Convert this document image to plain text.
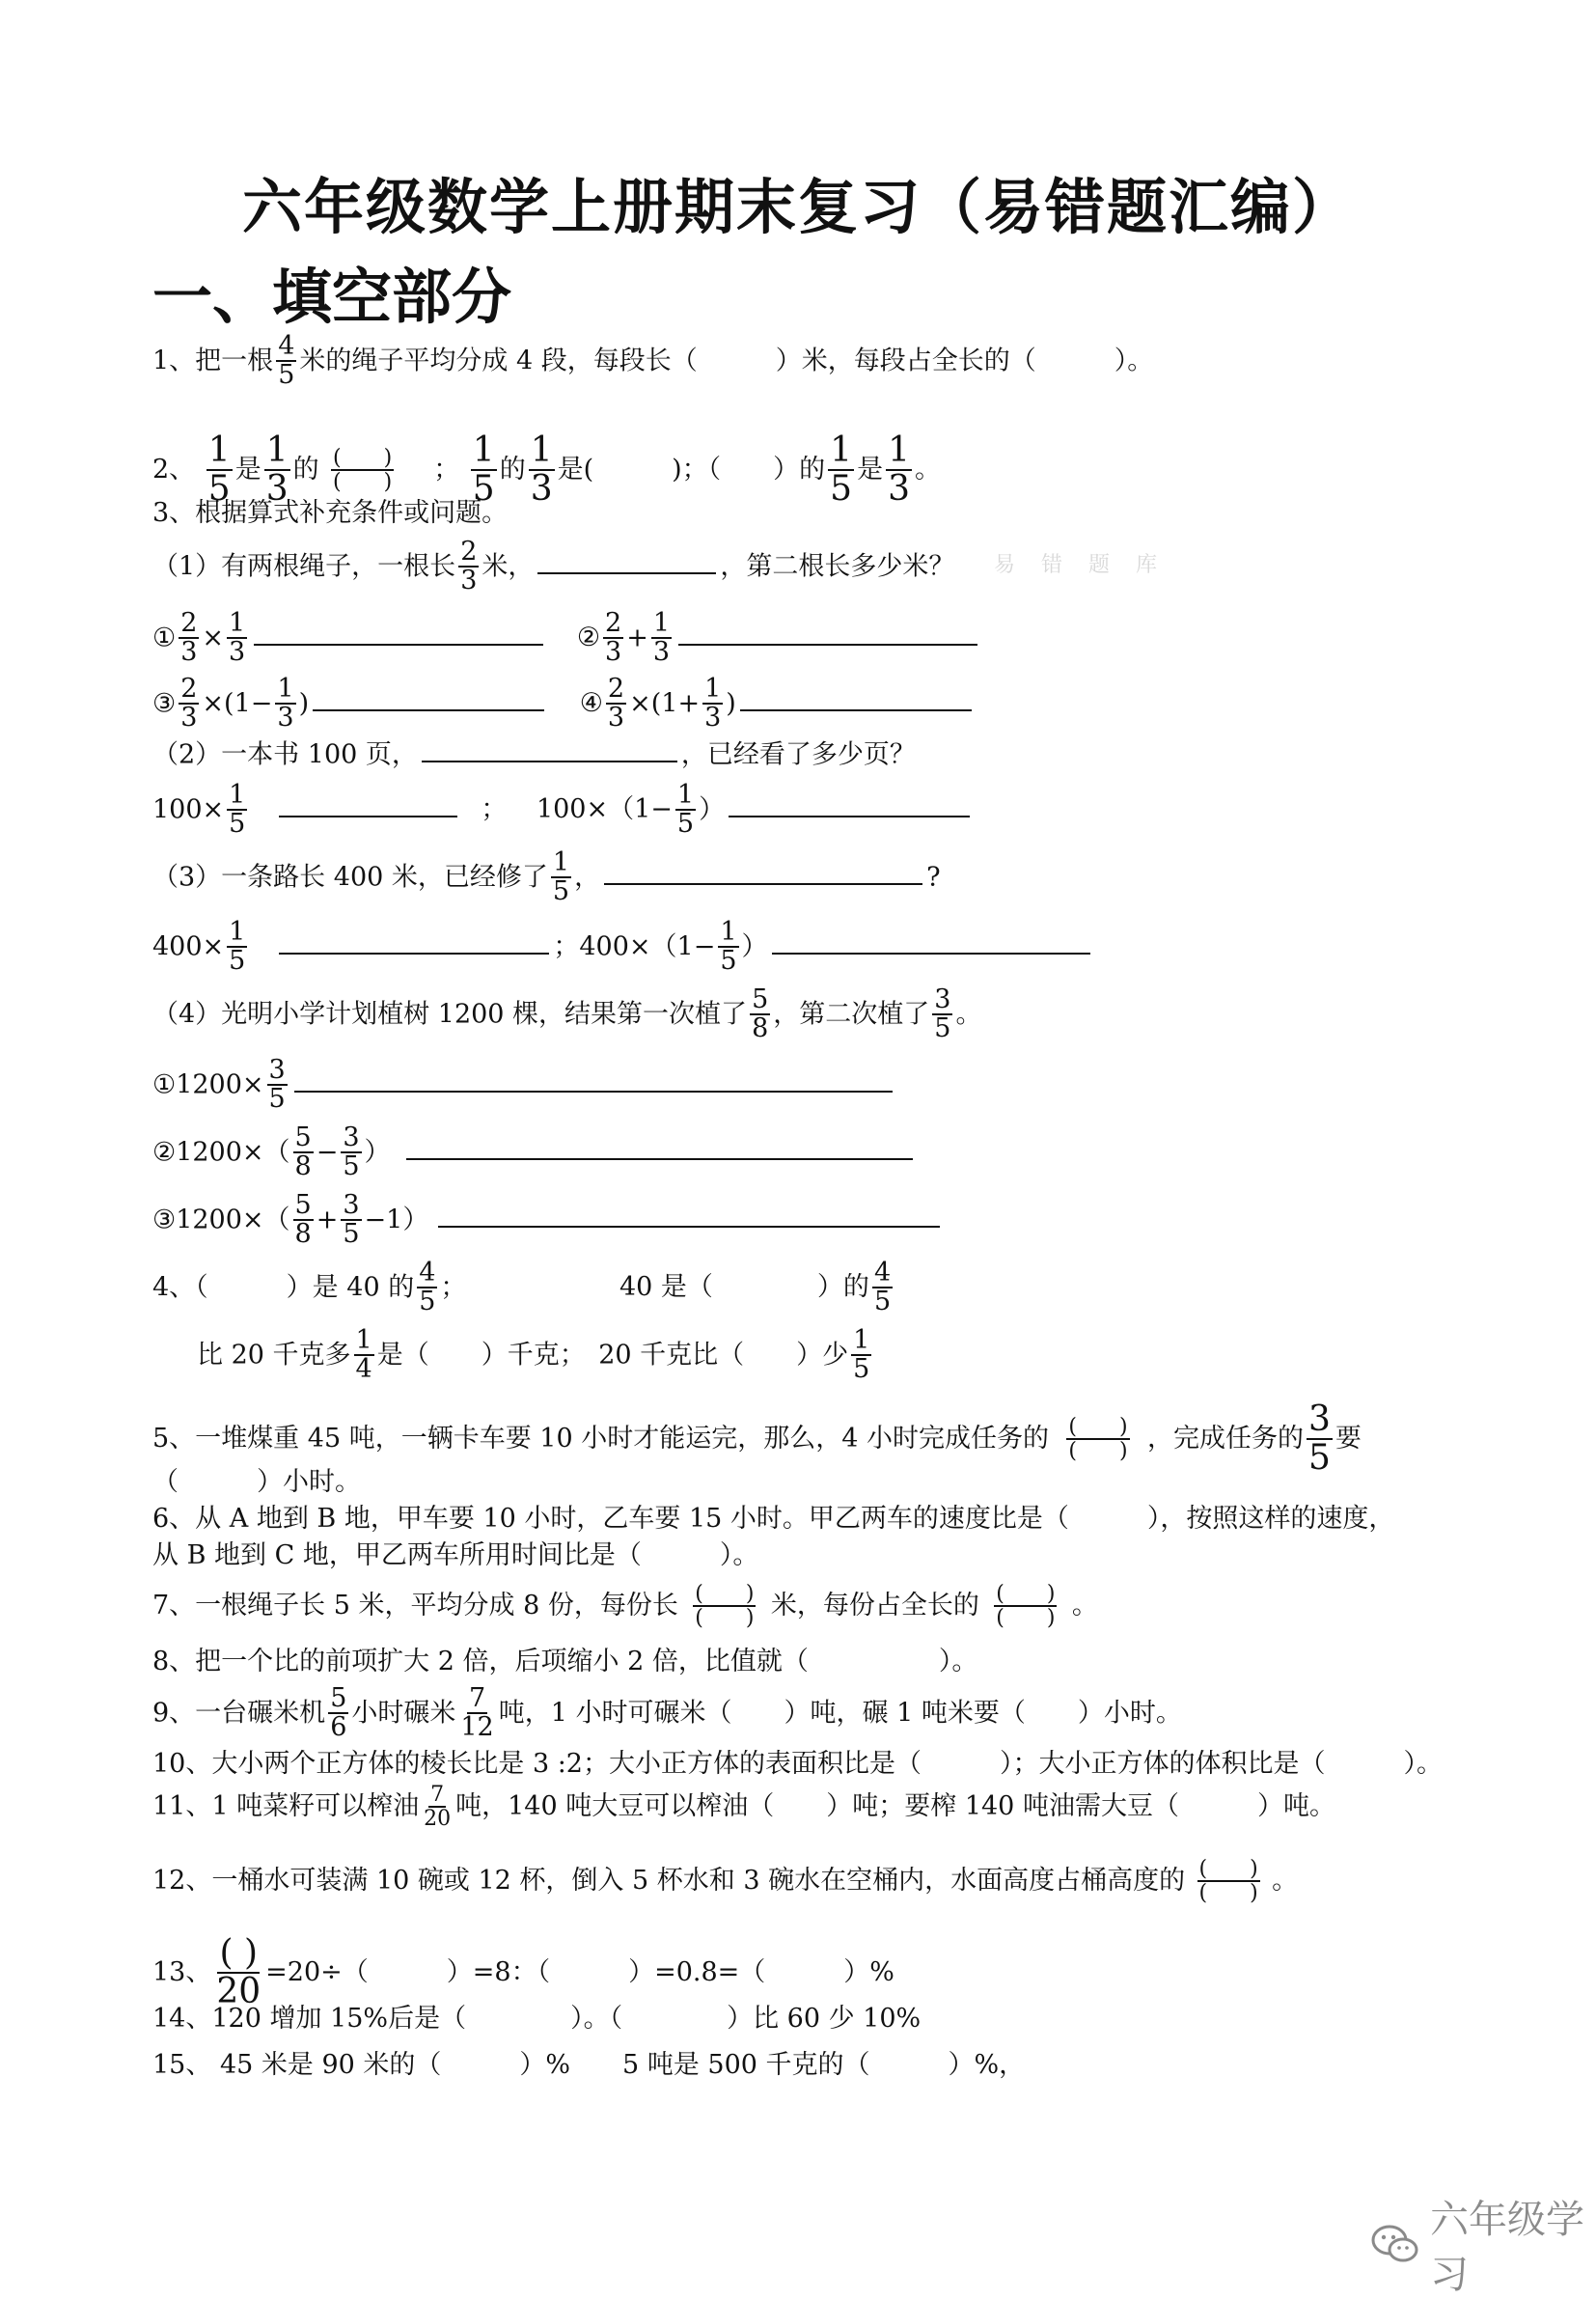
六年级数学上册期末复习（易错题汇编）
一、填空部分
1、把一根 $\frac{4}{5}$ 米的绳子平均分成 4 段，每段长（　　　）米，每段占全长的（　　　）。
2、 $\frac{1}{5}$ 是 $\frac{1}{3}$ 的 (　　)
(　　) ； $\frac{1}{5}$ 的 $\frac{1}{3}$ 是(　　　)；（　　）的 $\frac{1}{5}$ 是 $\frac{1}{3}$ 。
3、根据算式补充条件或问题。
（1）有两根绳子，一根长 $\frac{2}{3}$ 米，	，第二根长多少米？ 易 错 题 库
① $\frac{2}{3} \times \frac{1}{3}$	② $\frac{2}{3} + \frac{1}{3}$
③ $\frac{2}{3} \times(1- \frac{1}{3}$ )	④ $\frac{2}{3} \times(1+ \frac{1}{3}$ )
（2）一本书 100 页，	，已经看了多少页？
$100\times \frac{1}{5}$	； $100\times(1- \frac{1}{5}$ ）
（3）一条路长 400 米，已经修了 $\frac{1}{5}$ ，	?
$400\times \frac{1}{5}$	；$400\times(1- \frac{1}{5}$ ）
（4）光明小学计划植树 1200 棵，结果第一次植了 $\frac{5}{8}$ ，第二次植了 $\frac{3}{5}$ 。
①1200× $\frac{3}{5}$
②1200×（ $\frac{5}{8} - \frac{3}{5}$ ）
③1200×（ $\frac{5}{8} + \frac{3}{5} -1$）
4、（　　　）是 40 的 $\frac{4}{5}$ ；	40 是（　　　　）的 $\frac{4}{5}$
比 20 千克多 $\frac{1}{4}$ 是（　　）千克；　20 千克比（　　）少 $\frac{1}{5}$
5、一堆煤重 45 吨，一辆卡车要 10 小时才能运完，那么，4 小时完成任务的 (　　)
(　　) ，完成任务的 $\frac{3}{5}$ 要
（　　　）小时。
6、从 A 地到 B 地，甲车要 10 小时，乙车要 15 小时。甲乙两车的速度比是（　　　），按照这样的速度，
从 B 地到 C 地，甲乙两车所用时间比是（　　　）。
7、一根绳子长 5 米，平均分成 8 份，每份长 (　　)
(　　) 米，每份占全长的 (　　)
(　　) 。
8、把一个比的前项扩大 2 倍，后项缩小 2 倍，比值就（　　　　　）。
9、一台碾米机 $\frac{5}{6}$ 小时碾米 $\frac{7}{12}$ 吨，1 小时可碾米（　　）吨，碾 1 吨米要（　　）小时。
10、大小两个正方体的棱长比是 3 :2；大小正方体的表面积比是（　　　）；大小正方体的体积比是（　　　）。
11、1 吨菜籽可以榨油 $\frac{7}{20}$ 吨，140 吨大豆可以榨油（　　）吨；要榨 140 吨油需大豆（　　　）吨。
12、一桶水可装满 10 碗或 12 杯，倒入 5 杯水和 3 碗水在空桶内，水面高度占桶高度的 (　　)
(　　) 。
13、 ( )
20 =20÷（　　　）=8：（　　　）=0.8=（　　　）%
14、120 增加 15%后是（　　　　）。（　　　　）比 60 少 10%
15、 45 米是 90 米的（　　　）%　　5 吨是 500 千克的（　　　）%，
六年级学习
